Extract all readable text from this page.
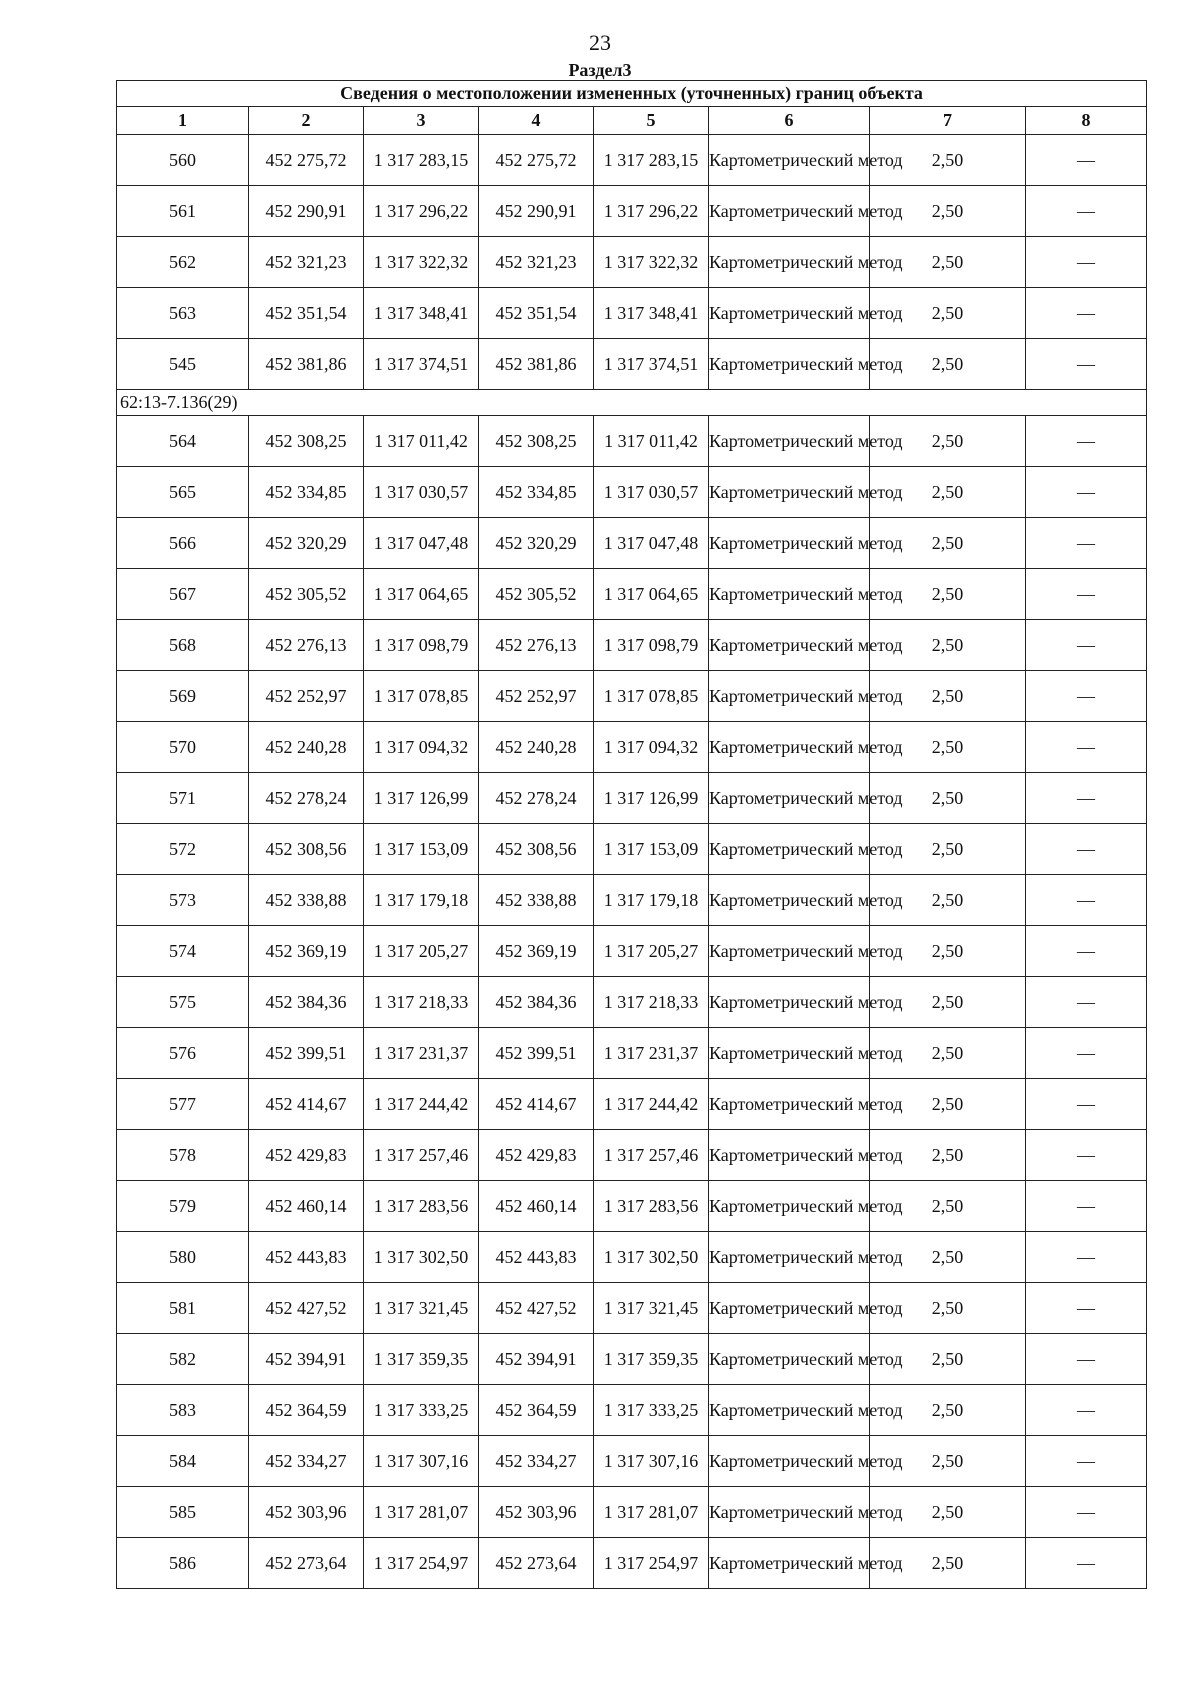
23
Раздел3
Сведения о местоположении измененных (уточненных) границ объекта							
1	2	3	4	5	6	7	8
560	452 275,72	1 317 283,15	452 275,72	1 317 283,15	Картометрический метод	2,50	—
561	452 290,91	1 317 296,22	452 290,91	1 317 296,22	Картометрический метод	2,50	—
562	452 321,23	1 317 322,32	452 321,23	1 317 322,32	Картометрический метод	2,50	—
563	452 351,54	1 317 348,41	452 351,54	1 317 348,41	Картометрический метод	2,50	—
545	452 381,86	1 317 374,51	452 381,86	1 317 374,51	Картометрический метод	2,50	—
62:13-7.136(29)							
564	452 308,25	1 317 011,42	452 308,25	1 317 011,42	Картометрический метод	2,50	—
565	452 334,85	1 317 030,57	452 334,85	1 317 030,57	Картометрический метод	2,50	—
566	452 320,29	1 317 047,48	452 320,29	1 317 047,48	Картометрический метод	2,50	—
567	452 305,52	1 317 064,65	452 305,52	1 317 064,65	Картометрический метод	2,50	—
568	452 276,13	1 317 098,79	452 276,13	1 317 098,79	Картометрический метод	2,50	—
569	452 252,97	1 317 078,85	452 252,97	1 317 078,85	Картометрический метод	2,50	—
570	452 240,28	1 317 094,32	452 240,28	1 317 094,32	Картометрический метод	2,50	—
571	452 278,24	1 317 126,99	452 278,24	1 317 126,99	Картометрический метод	2,50	—
572	452 308,56	1 317 153,09	452 308,56	1 317 153,09	Картометрический метод	2,50	—
573	452 338,88	1 317 179,18	452 338,88	1 317 179,18	Картометрический метод	2,50	—
574	452 369,19	1 317 205,27	452 369,19	1 317 205,27	Картометрический метод	2,50	—
575	452 384,36	1 317 218,33	452 384,36	1 317 218,33	Картометрический метод	2,50	—
576	452 399,51	1 317 231,37	452 399,51	1 317 231,37	Картометрический метод	2,50	—
577	452 414,67	1 317 244,42	452 414,67	1 317 244,42	Картометрический метод	2,50	—
578	452 429,83	1 317 257,46	452 429,83	1 317 257,46	Картометрический метод	2,50	—
579	452 460,14	1 317 283,56	452 460,14	1 317 283,56	Картометрический метод	2,50	—
580	452 443,83	1 317 302,50	452 443,83	1 317 302,50	Картометрический метод	2,50	—
581	452 427,52	1 317 321,45	452 427,52	1 317 321,45	Картометрический метод	2,50	—
582	452 394,91	1 317 359,35	452 394,91	1 317 359,35	Картометрический метод	2,50	—
583	452 364,59	1 317 333,25	452 364,59	1 317 333,25	Картометрический метод	2,50	—
584	452 334,27	1 317 307,16	452 334,27	1 317 307,16	Картометрический метод	2,50	—
585	452 303,96	1 317 281,07	452 303,96	1 317 281,07	Картометрический метод	2,50	—
586	452 273,64	1 317 254,97	452 273,64	1 317 254,97	Картометрический метод	2,50	—
